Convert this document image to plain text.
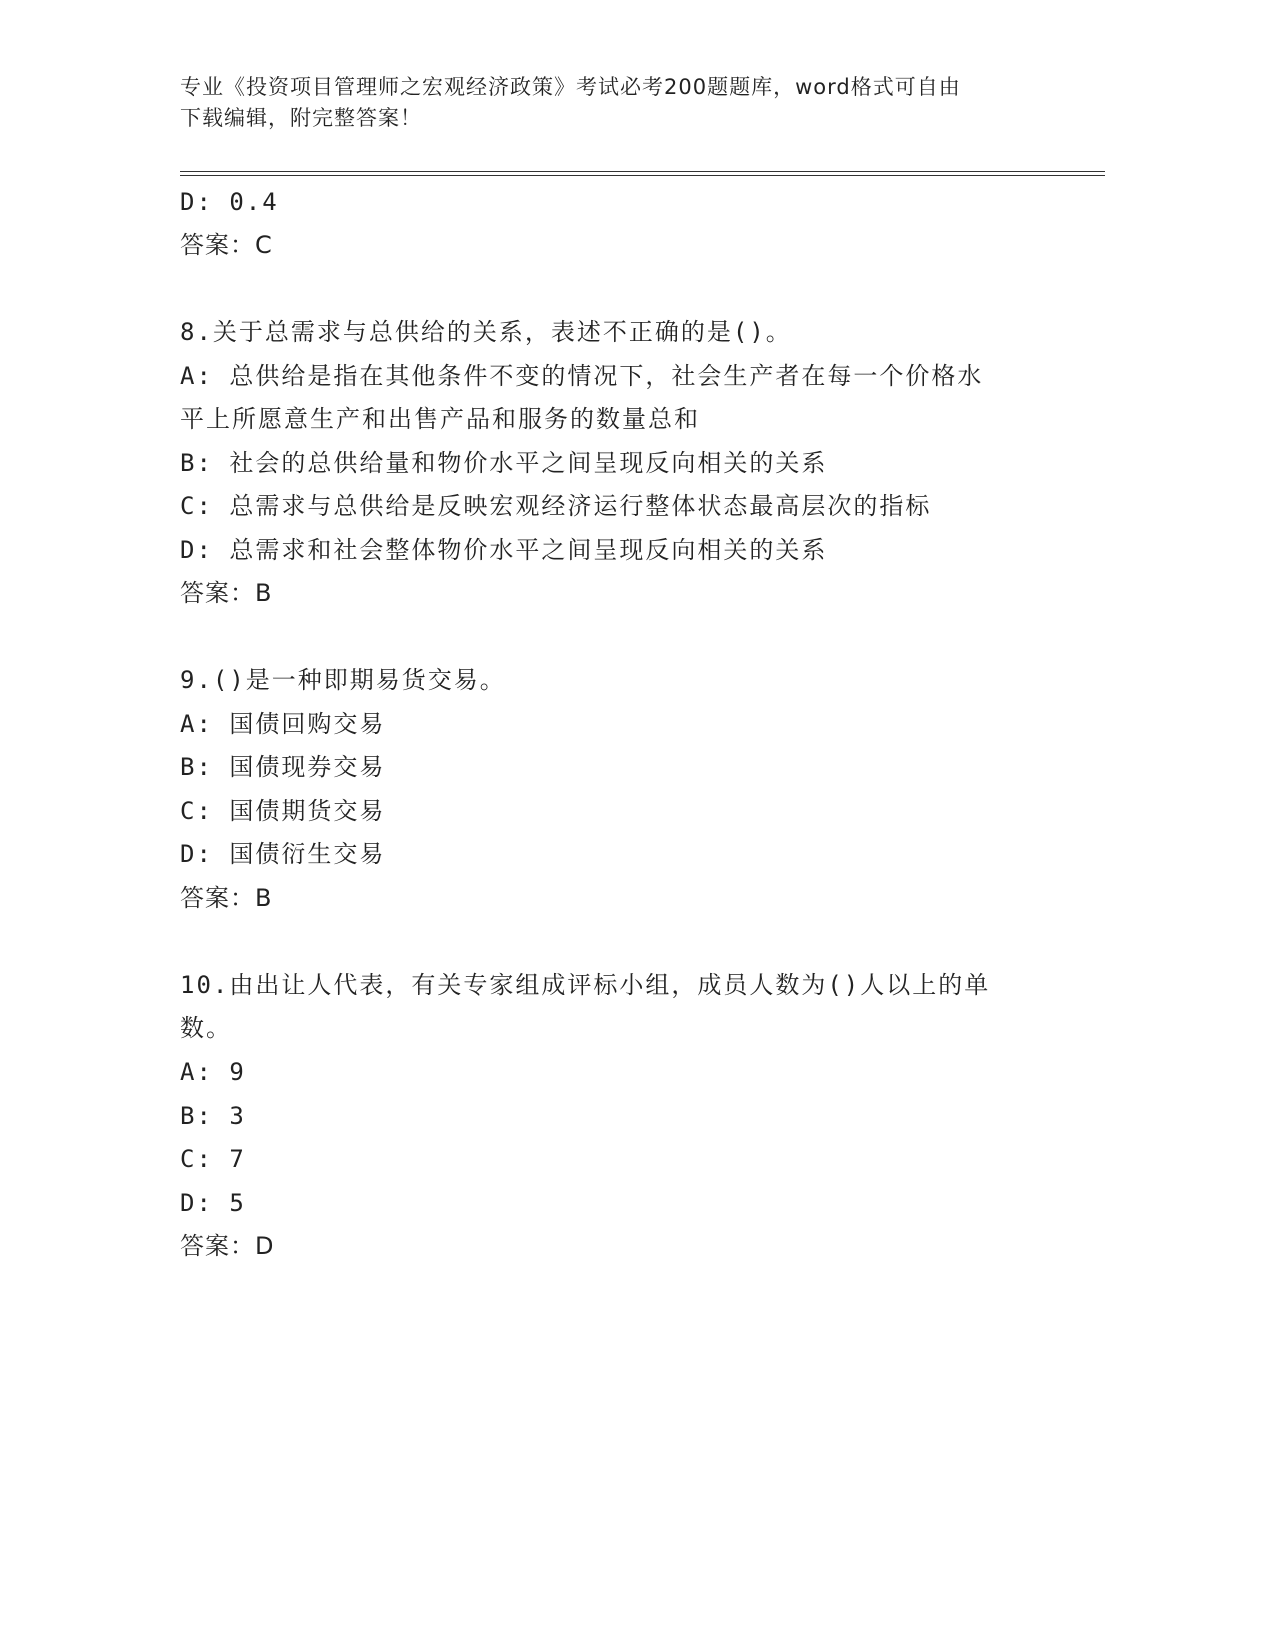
专业《投资项目管理师之宏观经济政策》考试必考200题题库，word格式可自由
下载编辑，附完整答案！
D: 0.4
答案：C
8.关于总需求与总供给的关系，表述不正确的是()。
A: 总供给是指在其他条件不变的情况下，社会生产者在每一个价格水
平上所愿意生产和出售产品和服务的数量总和
B: 社会的总供给量和物价水平之间呈现反向相关的关系
C: 总需求与总供给是反映宏观经济运行整体状态最高层次的指标
D: 总需求和社会整体物价水平之间呈现反向相关的关系
答案：B
9.()是一种即期易货交易。
A: 国债回购交易
B: 国债现券交易
C: 国债期货交易
D: 国债衍生交易
答案：B
10.由出让人代表，有关专家组成评标小组，成员人数为()人以上的单
数。
A: 9
B: 3
C: 7
D: 5
答案：D
